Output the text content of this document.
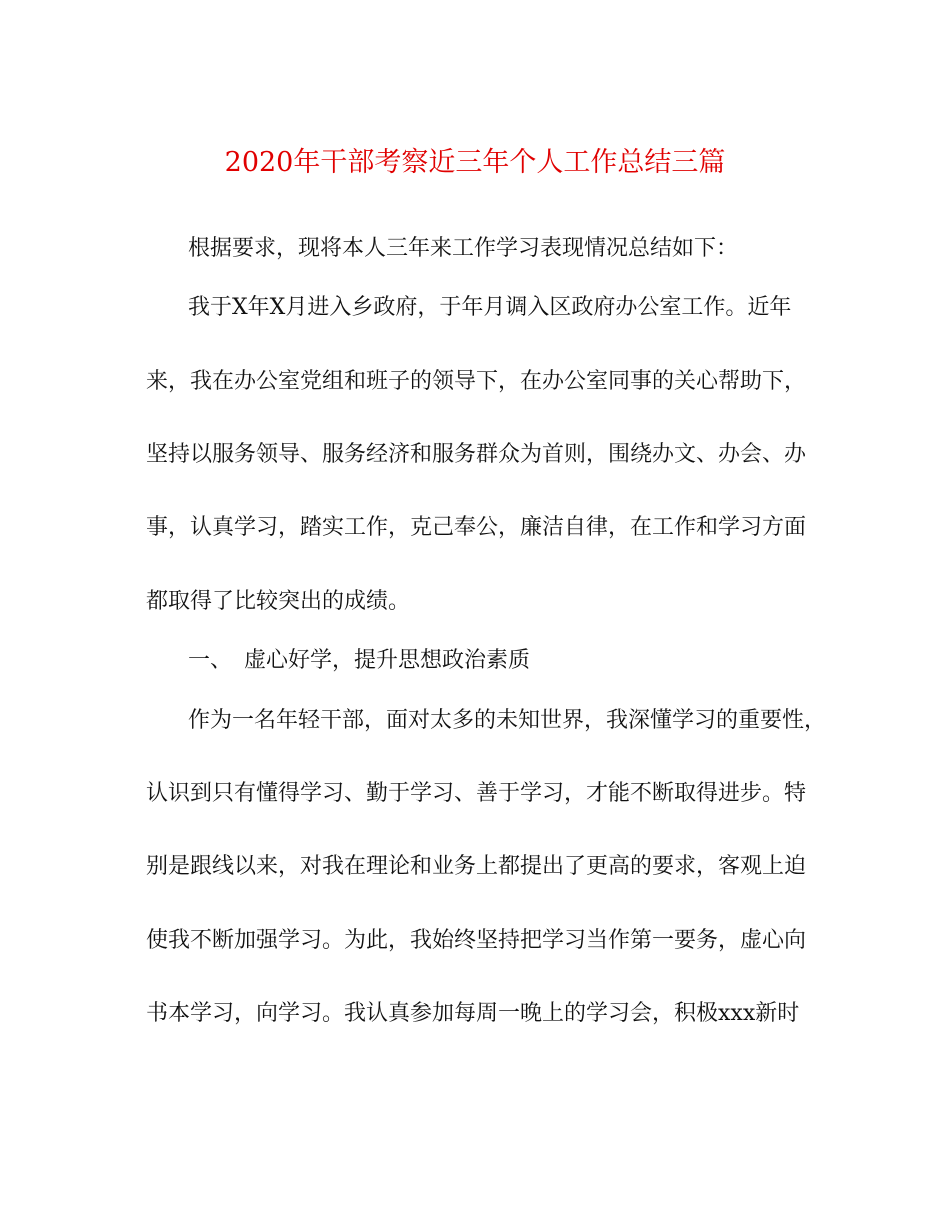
2020年干部考察近三年个人工作总结三篇
根据要求，现将本人三年来工作学习表现情况总结如下：
我于X年X月进入乡政府，于年月调入区政府办公室工作。近年
来，我在办公室党组和班子的领导下，在办公室同事的关心帮助下，
坚持以服务领导、服务经济和服务群众为首则，围绕办文、办会、办
事，认真学习，踏实工作，克己奉公，廉洁自律，在工作和学习方面
都取得了比较突出的成绩。
一、 虚心好学，提升思想政治素质
作为一名年轻干部，面对太多的未知世界，我深懂学习的重要性，
认识到只有懂得学习、勤于学习、善于学习，才能不断取得进步。特
别是跟线以来，对我在理论和业务上都提出了更高的要求，客观上迫
使我不断加强学习。为此，我始终坚持把学习当作第一要务，虚心向
书本学习，向学习。我认真参加每周一晚上的学习会，积极xxx新时
